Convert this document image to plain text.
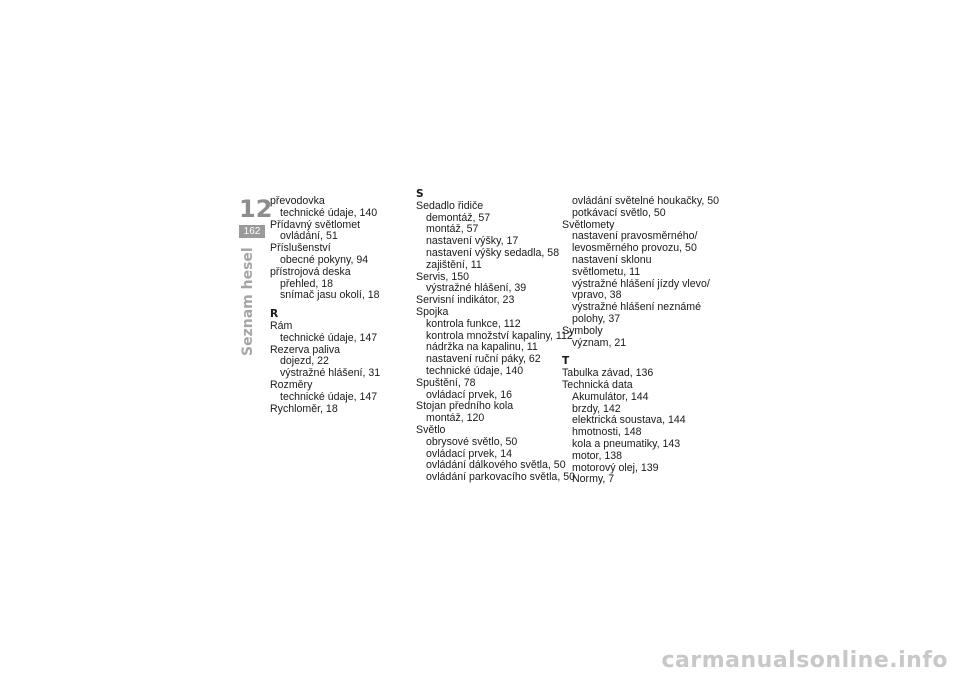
12
162
Seznam hesel
převodovka
technické údaje, 140
Přídavný světlomet
ovládání, 51
Příslušenství
obecné pokyny, 94
přístrojová deska
přehled, 18
snímač jasu okolí, 18
R
Rám
technické údaje, 147
Rezerva paliva
dojezd, 22
výstražné hlášení, 31
Rozměry
technické údaje, 147
Rychloměr, 18
S
Sedadlo řidiče
demontáž, 57
montáž, 57
nastavení výšky, 17
nastavení výšky sedadla, 58
zajištění, 11
Servis, 150
výstražné hlášení, 39
Servisní indikátor, 23
Spojka
kontrola funkce, 112
kontrola množství kapaliny, 112
nádržka na kapalinu, 11
nastavení ruční páky, 62
technické údaje, 140
Spuštění, 78
ovládací prvek, 16
Stojan předního kola
montáž, 120
Světlo
obrysové světlo, 50
ovládací prvek, 14
ovládání dálkového světla, 50
ovládání parkovacího světla, 50
ovládání světelné houkačky, 50
potkávací světlo, 50
Světlomety
nastavení pravosměrného/
levosměrného provozu, 50
nastavení sklonu
světlometu, 11
výstražné hlášení jízdy vlevo/
vpravo, 38
výstražné hlášení neznámé
polohy, 37
Symboly
význam, 21
T
Tabulka závad, 136
Technická data
Akumulátor, 144
brzdy, 142
elektrická soustava, 144
hmotnosti, 148
kola a pneumatiky, 143
motor, 138
motorový olej, 139
Normy, 7
carmanualsonline.info
